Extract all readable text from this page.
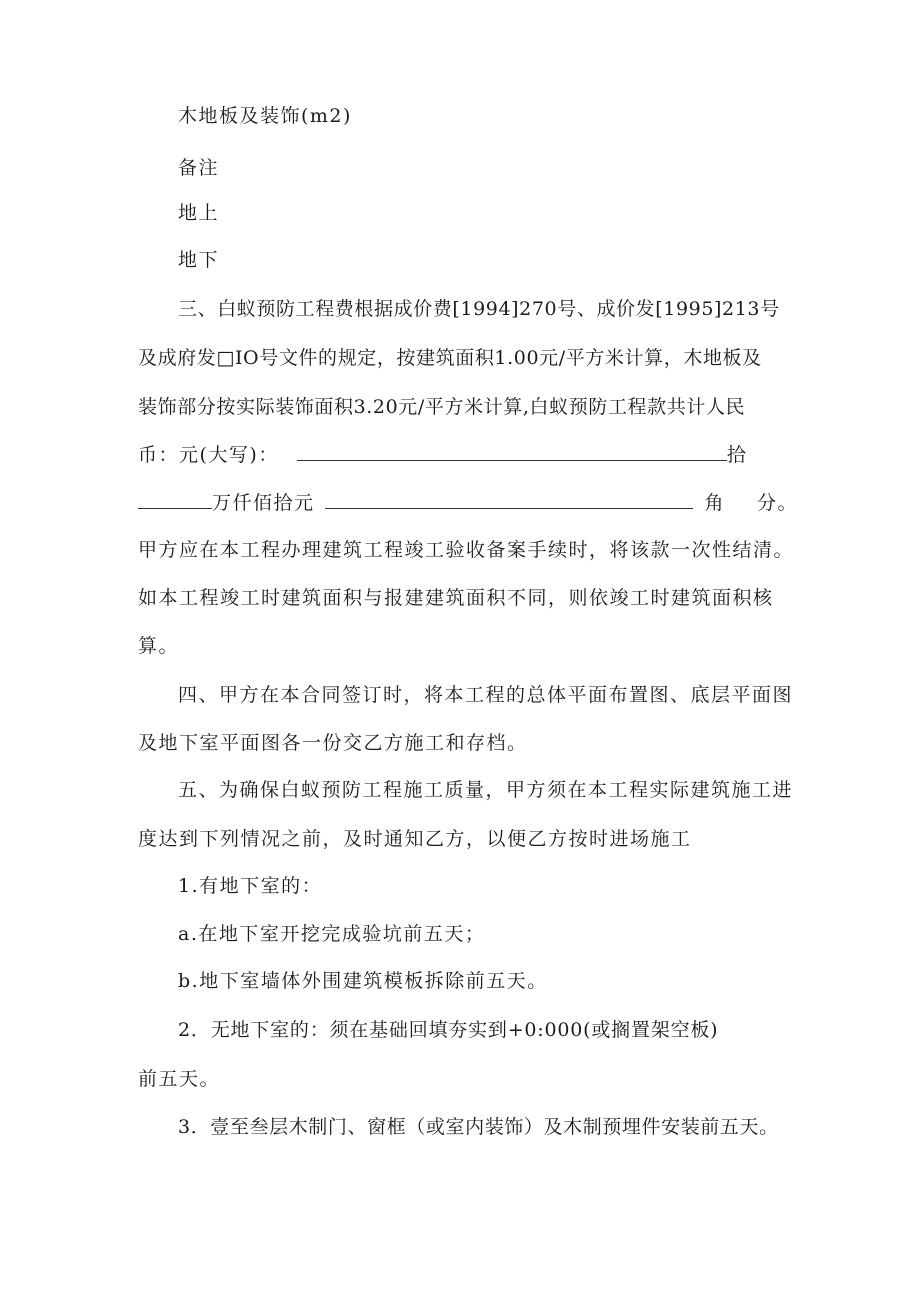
木地板及装饰(m2)
备注
地上
地下
三、白蚁预防工程费根据成价费[1994]270号、成价发[1995]213号
及成府发□IO号文件的规定，按建筑面积1.00元/平方米计算，木地板及
装饰部分按实际装饰面积3.20元/平方米计算,白蚁预防工程款共计人民
币：元(大写)：	拾
万仟佰拾元	角 分。
甲方应在本工程办理建筑工程竣工验收备案手续时，将该款一次性结清。
如本工程竣工时建筑面积与报建建筑面积不同，则依竣工时建筑面积核
算。
四、甲方在本合同签订时，将本工程的总体平面布置图、底层平面图
及地下室平面图各一份交乙方施工和存档。
五、为确保白蚁预防工程施工质量，甲方须在本工程实际建筑施工进
度达到下列情况之前，及时通知乙方，以便乙方按时进场施工
1.有地下室的：
a.在地下室开挖完成验坑前五天；
b.地下室墙体外围建筑模板拆除前五天。
2．无地下室的：须在基础回填夯实到+0:000(或搁置架空板)
前五天。
3．壹至叁层木制门、窗框（或室内装饰）及木制预埋件安装前五天。
